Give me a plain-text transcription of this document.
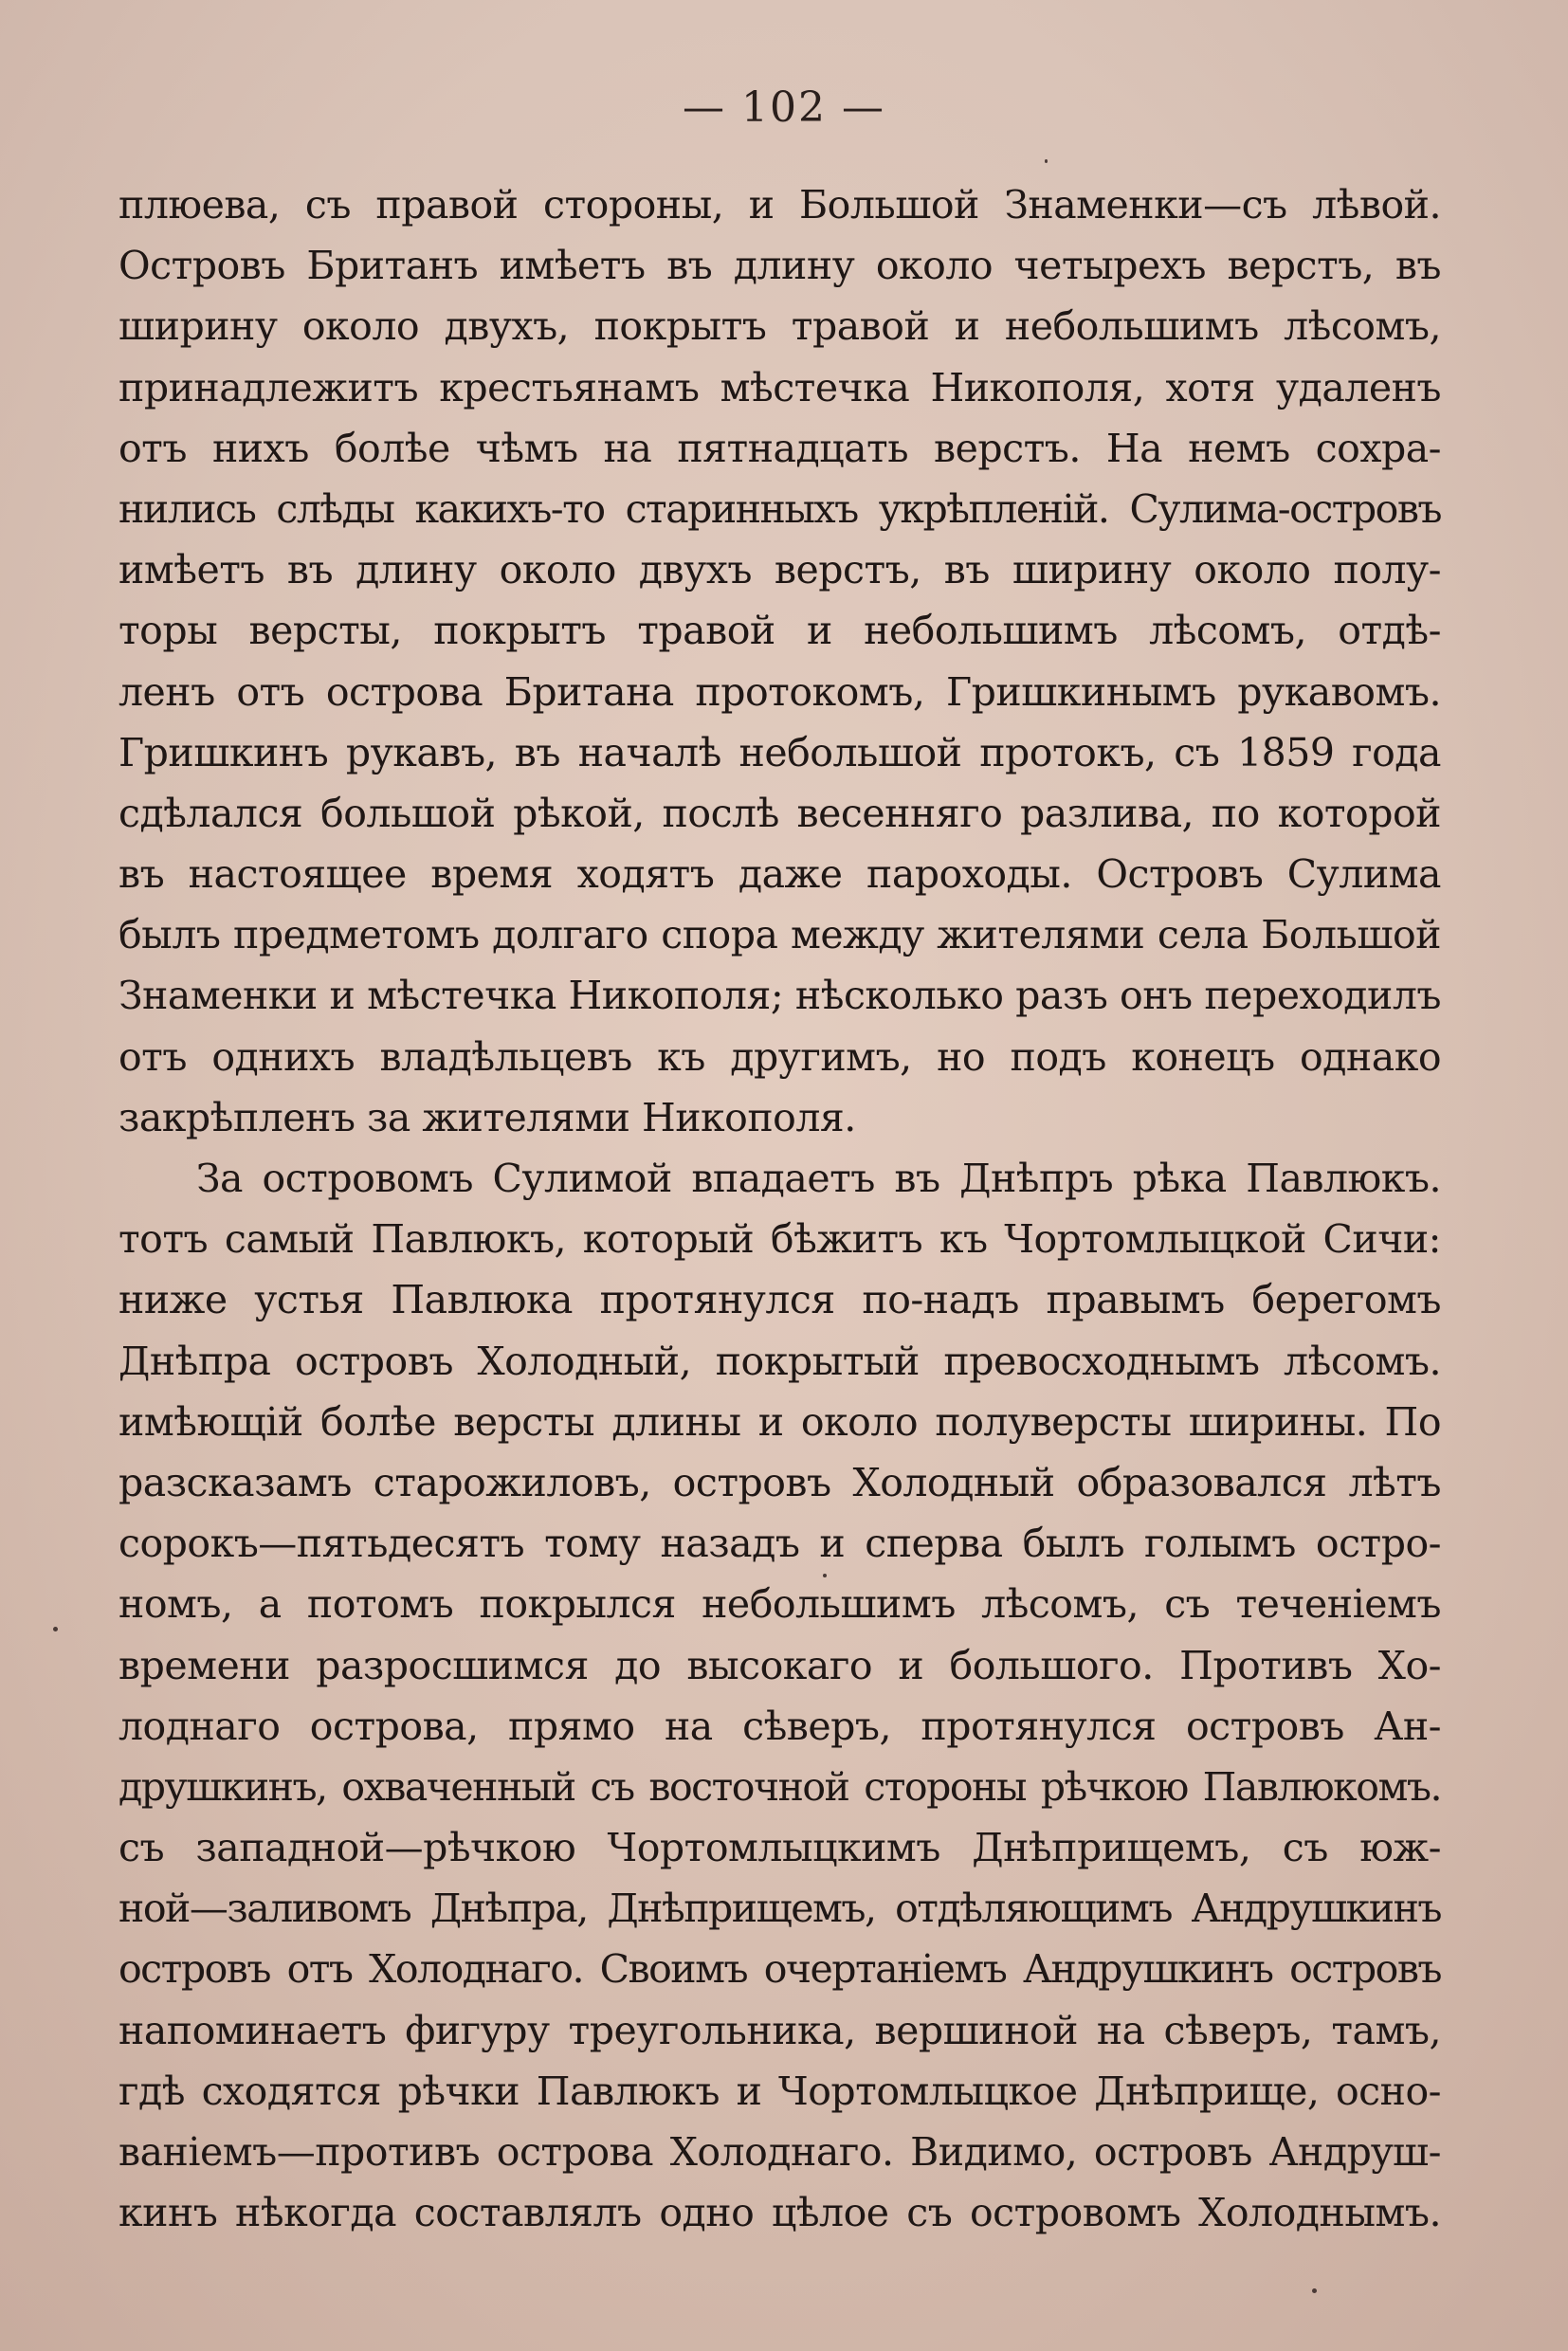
— 102 —
плюева, съ правой стороны, и Большой Знаменки—съ лѣвой.
Островъ Британъ имѣетъ въ длину около четырехъ верстъ, въ
ширину около двухъ, покрытъ травой и небольшимъ лѣсомъ,
принадлежитъ крестьянамъ мѣстечка Никополя, хотя удаленъ
отъ нихъ болѣе чѣмъ на пятнадцать верстъ. На немъ сохра-
нились слѣды какихъ-то старинныхъ укрѣпленій. Сулима-островъ
имѣетъ въ длину около двухъ верстъ, въ ширину около полу-
торы версты, покрытъ травой и небольшимъ лѣсомъ, отдѣ-
ленъ отъ острова Британа протокомъ, Гришкинымъ рукавомъ.
Гришкинъ рукавъ, въ началѣ небольшой протокъ, съ 1859 года
сдѣлался большой рѣкой, послѣ весенняго разлива, по которой
въ настоящее время ходятъ даже пароходы. Островъ Сулима
былъ предметомъ долгаго спора между жителями села Большой
Знаменки и мѣстечка Никополя; нѣсколько разъ онъ переходилъ
отъ однихъ владѣльцевъ къ другимъ, но подъ конецъ однако
закрѣпленъ за жителями Никополя.
За островомъ Сулимой впадаетъ въ Днѣпръ рѣка Павлюкъ.
тотъ самый Павлюкъ, который бѣжитъ къ Чортомлыцкой Сичи:
ниже устья Павлюка протянулся по-надъ правымъ берегомъ
Днѣпра островъ Холодный, покрытый превосходнымъ лѣсомъ.
имѣющій болѣе версты длины и около полуверсты ширины. По
разсказамъ старожиловъ, островъ Холодный образовался лѣтъ
сорокъ—пятьдесятъ тому назадъ и сперва былъ голымъ остро-
номъ, а потомъ покрылся небольшимъ лѣсомъ, съ теченіемъ
времени разросшимся до высокаго и большого. Противъ Хо-
лоднаго острова, прямо на сѣверъ, протянулся островъ Ан-
друшкинъ, охваченный съ восточной стороны рѣчкою Павлюкомъ.
съ западной—рѣчкою Чортомлыцкимъ Днѣприщемъ, съ юж-
ной—заливомъ Днѣпра, Днѣприщемъ, отдѣляющимъ Андрушкинъ
островъ отъ Холоднаго. Своимъ очертаніемъ Андрушкинъ островъ
напоминаетъ фигуру треугольника, вершиной на сѣверъ, тамъ,
гдѣ сходятся рѣчки Павлюкъ и Чортомлыцкое Днѣприще, осно-
ваніемъ—противъ острова Холоднаго. Видимо, островъ Андрyш-
кинъ нѣкогда составлялъ одно цѣлое съ островомъ Холоднымъ.
